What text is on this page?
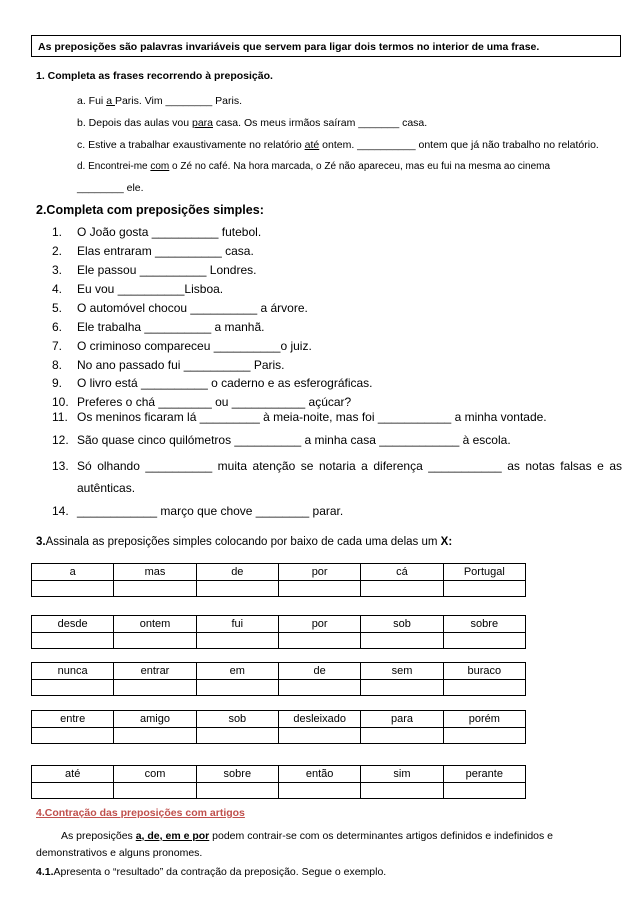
As preposições são palavras invariáveis que servem para ligar dois termos no interior de uma frase.
1. Completa as frases recorrendo à preposição.
a. Fui a Paris. Vim ________ Paris.
b. Depois das aulas vou para casa. Os meus irmãos saíram _______ casa.
c. Estive a trabalhar exaustivamente no relatório até ontem. __________ ontem que já não trabalho no relatório.
d. Encontrei-me com o Zé no café. Na hora marcada, o Zé não apareceu, mas eu fui na mesma ao cinema
________ ele.
2.Completa com preposições simples:
1.	O João gosta __________ futebol.
2.	Elas entraram __________ casa.
3.	Ele passou __________ Londres.
4.	Eu vou __________Lisboa.
5.	O automóvel chocou __________ a árvore.
6.	Ele trabalha __________ a manhã.
7.	O criminoso compareceu __________o juiz.
8.	No ano passado fui __________ Paris.
9.	O livro está __________ o caderno e as esferográficas.
10. Preferes o chá ________ ou ___________ açúcar?
11. Os meninos ficaram lá _________ à meia-noite, mas foi ___________ a minha vontade.
12. São quase cinco quilómetros __________ a minha casa ____________ à escola.
13. Só olhando __________ muita atenção se notaria a diferença ___________ as notas falsas e as
autênticas.
14. ____________ março que chove ________ parar.
3.Assinala as preposições simples colocando por baixo de cada uma delas um X:
a	mas	de	por	cá	Portugal

desde	ontem	fui	por	sob	sobre

nunca	entrar	em	de	sem	buraco

entre	amigo	sob	desleixado	para	porém

até	com	sobre	então	sim	perante

4.Contração das preposições com artigos
As preposições a, de, em e por podem contrair-se com os determinantes artigos definidos e indefinidos e
demonstrativos e alguns pronomes.
4.1.Apresenta o “resultado” da contração da preposição. Segue o exemplo.
